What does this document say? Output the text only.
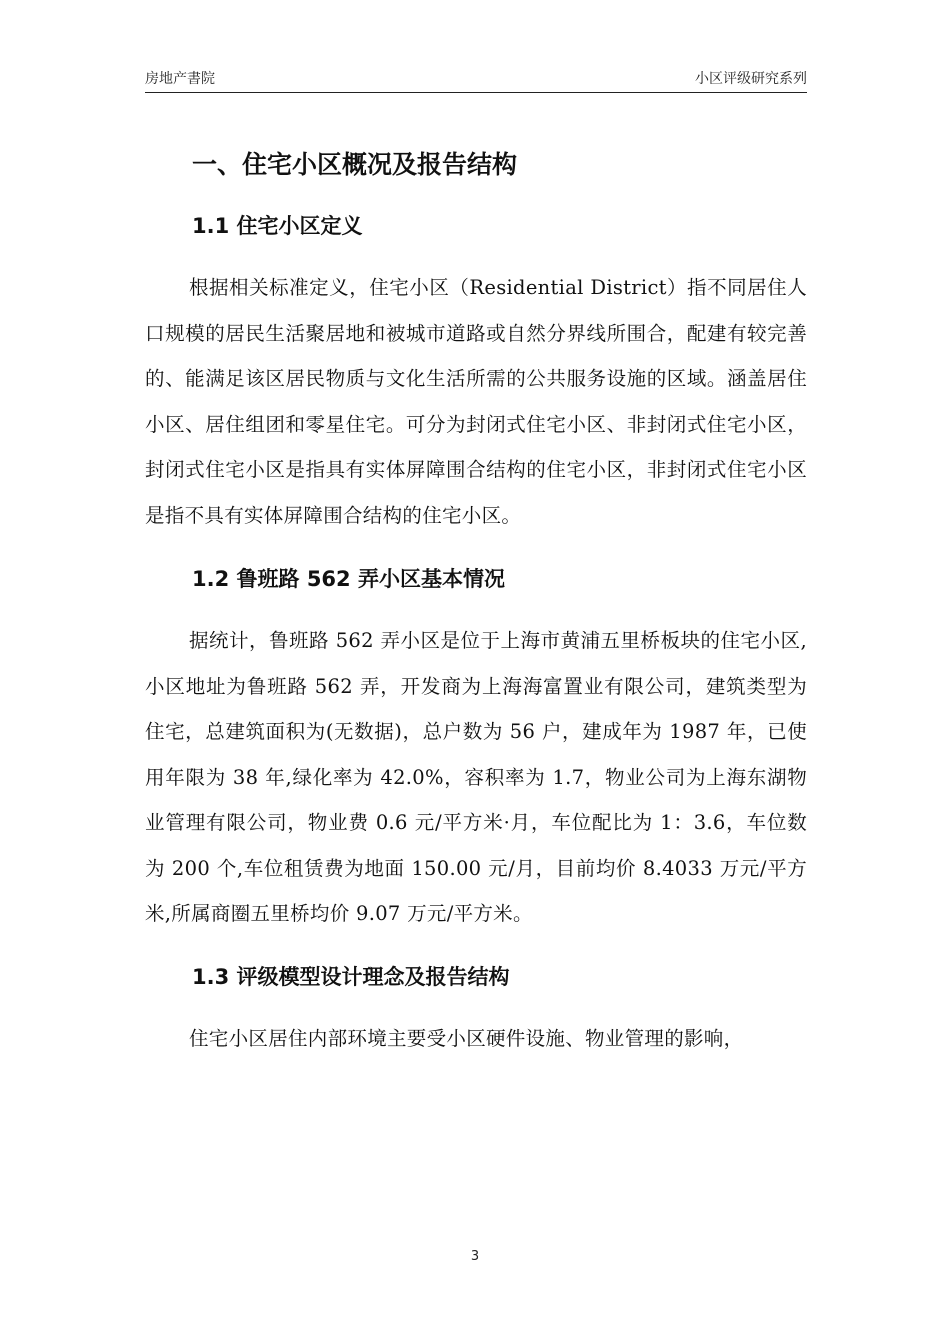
房地产書院	小区评级研究系列
一、住宅小区概况及报告结构
1.1 住宅小区定义

根据相关标准定义，住宅小区（Residential District）指不同居住人口规模的居民生活聚居地和被城市道路或自然分界线所围合，配建有较完善的、能满足该区居民物质与文化生活所需的公共服务设施的区域。涵盖居住小区、居住组团和零星住宅。可分为封闭式住宅小区、非封闭式住宅小区，封闭式住宅小区是指具有实体屏障围合结构的住宅小区，非封闭式住宅小区是指不具有实体屏障围合结构的住宅小区。

1.2 鲁班路 562 弄小区基本情况

据统计，鲁班路 562 弄小区是位于上海市黄浦五里桥板块的住宅小区,小区地址为鲁班路 562 弄，开发商为上海海富置业有限公司，建筑类型为住宅，总建筑面积为(无数据)，总户数为 56 户，建成年为 1987 年，已使用年限为 38 年,绿化率为 42.0%，容积率为 1.7，物业公司为上海东湖物业管理有限公司，物业费 0.6 元/平方米·月，车位配比为 1：3.6，车位数为 200 个,车位租赁费为地面 150.00 元/月，目前均价 8.4033 万元/平方米,所属商圈五里桥均价 9.07 万元/平方米。

1.3 评级模型设计理念及报告结构

住宅小区居住内部环境主要受小区硬件设施、物业管理的影响，

3
